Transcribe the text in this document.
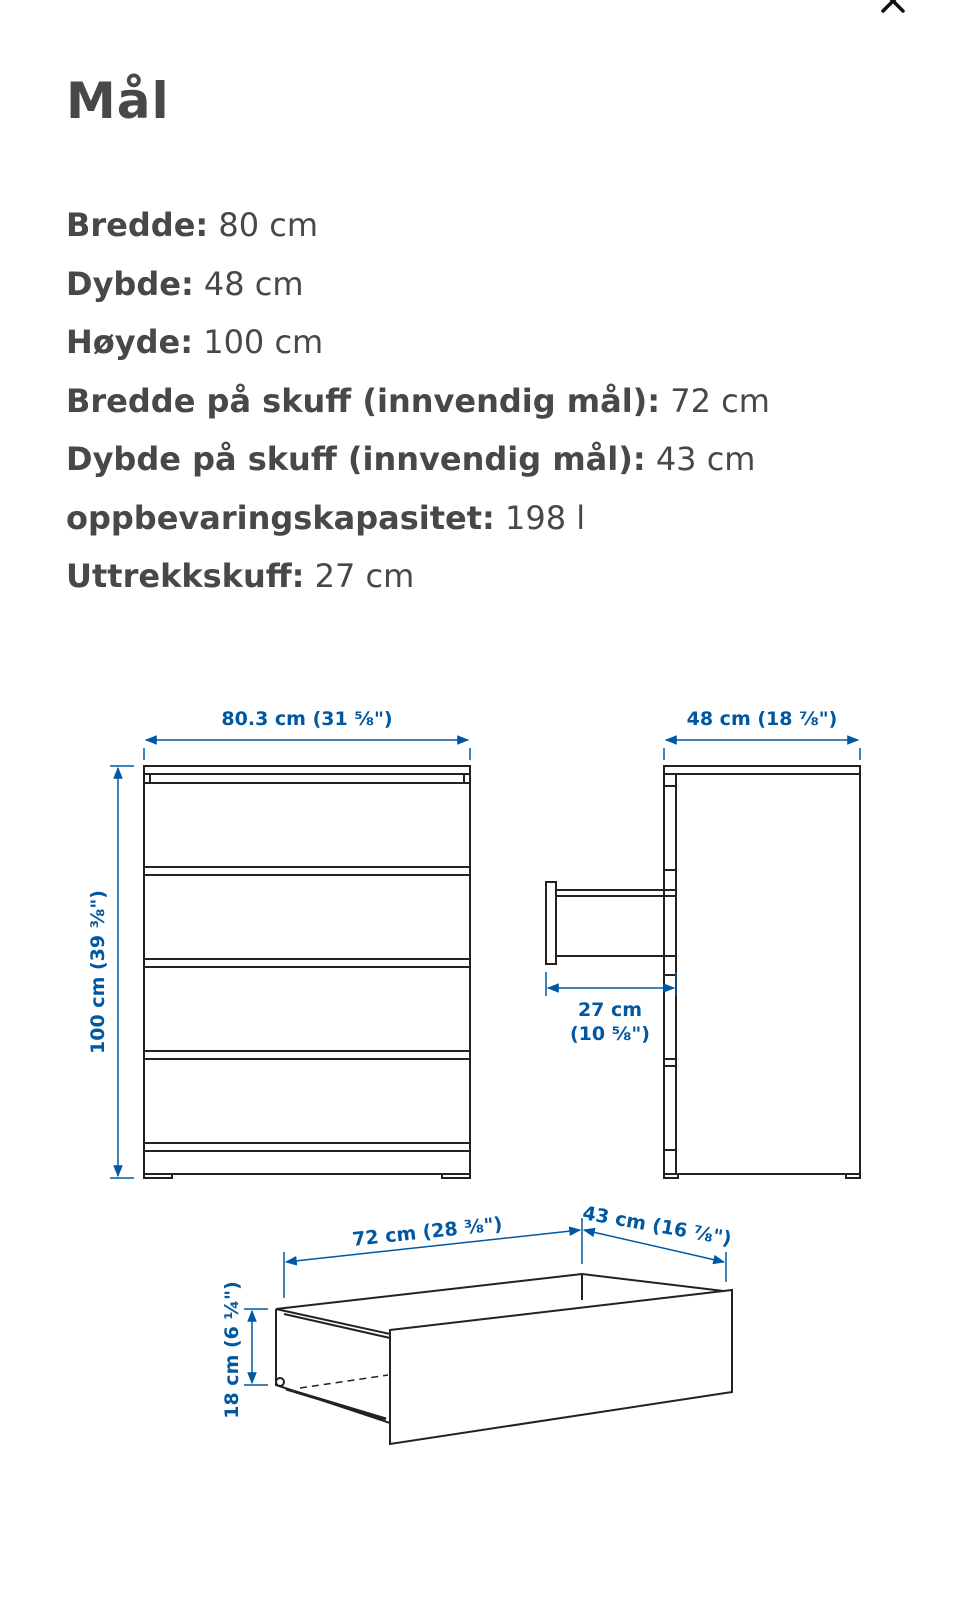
Mål
Bredde: 80 cm
Dybde: 48 cm
Høyde: 100 cm
Bredde på skuff (innvendig mål): 72 cm
Dybde på skuff (innvendig mål): 43 cm
oppbevaringskapasitet: 198 l
Uttrekkskuff: 27 cm
80.3 cm (31 ⅝")
100 cm (39 ⅜")
48 cm (18 ⅞")
27 cm
(10 ⅝")
72 cm (28 ⅜")	43 cm (16 ⅞")
18 cm (6 ¼")
